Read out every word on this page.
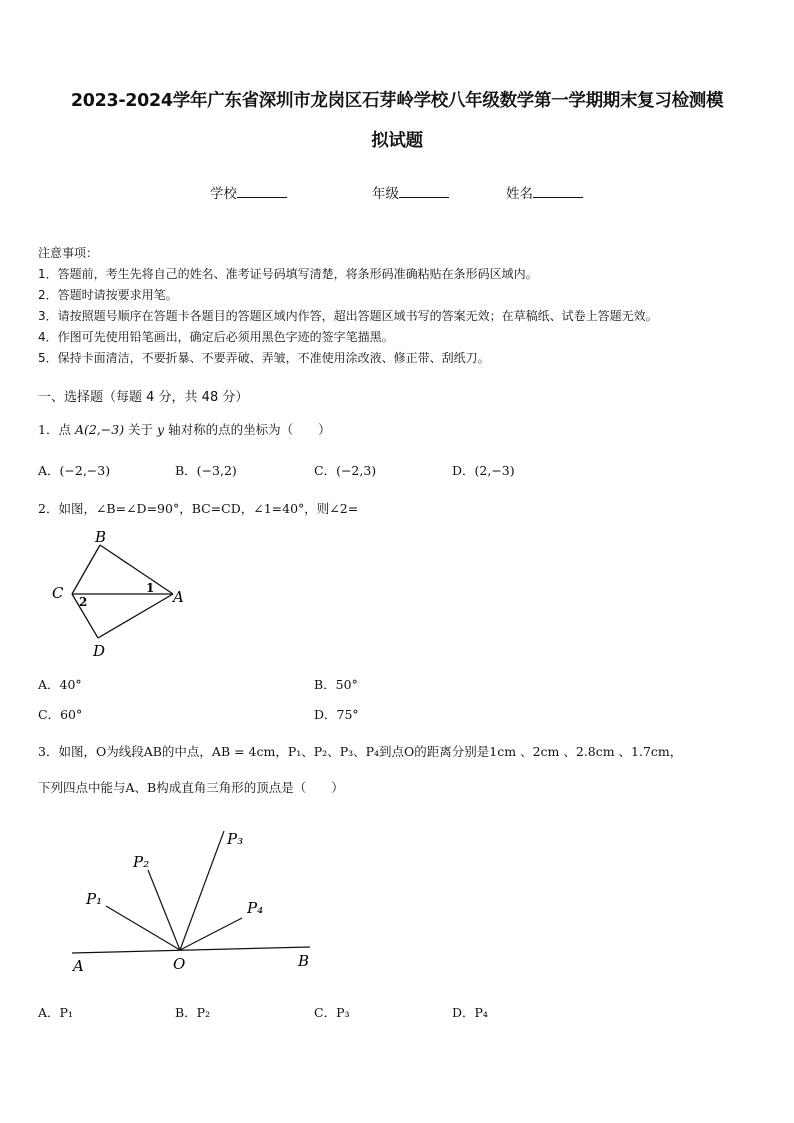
2023-2024学年广东省深圳市龙岗区石芽岭学校八年级数学第一学期期末复习检测模
拟试题
学校	年级	姓名
注意事项：
1．答题前，考生先将自己的姓名、准考证号码填写清楚，将条形码准确粘贴在条形码区域内。
2．答题时请按要求用笔。
3．请按照题号顺序在答题卡各题目的答题区域内作答，超出答题区域书写的答案无效；在草稿纸、试卷上答题无效。
4．作图可先使用铅笔画出，确定后必须用黑色字迹的签字笔描黑。
5．保持卡面清洁，不要折暴、不要弄破、弄皱，不准使用涂改液、修正带、刮纸刀。
一、选择题（每题 4 分，共 48 分）
1．点 A(2,−3) 关于 y 轴对称的点的坐标为（　　）
A．(−2,−3)	B．(−3,2)	C．(−2,3)	D．(2,−3)
2．如图，∠B=∠D=90°，BC=CD，∠1=40°，则∠2=
B
C	A
D
1
2
A．40°	B．50°
C．60°	D．75°
3．如图，O为线段AB的中点，AB = 4cm，P₁、P₂、P₃、P₄到点O的距离分别是1cm 、2cm 、2.8cm 、1.7cm，
下列四点中能与A、B构成直角三角形的顶点是（　　）
A	O	B
P₁
P₂
P₃
P₄
A．P₁	B．P₂	C．P₃	D．P₄
